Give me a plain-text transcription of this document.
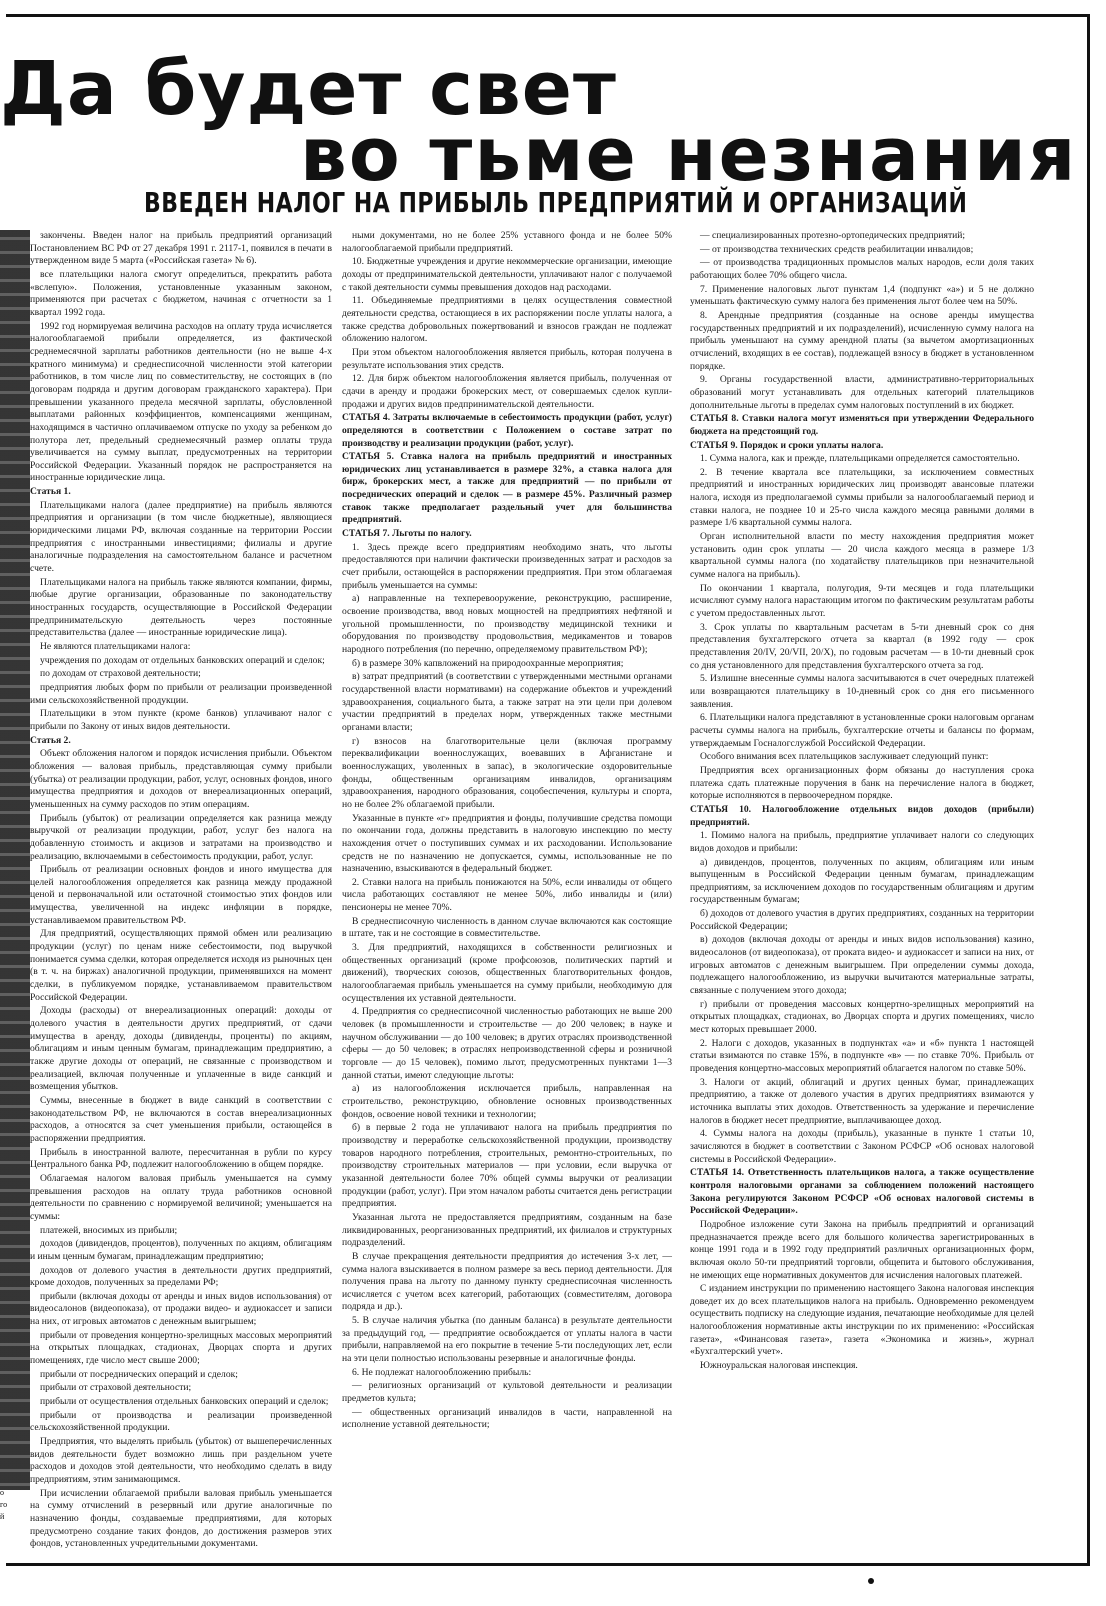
Да будет свет
во тьме незнания
ВВЕДЕН НАЛОГ НА ПРИБЫЛЬ ПРЕДПРИЯТИЙ И ОРГАНИЗАЦИЙ
о
го
й

закончены. Введен налог на прибыль предприятий организаций Постановлением ВС РФ от 27 декабря 1991 г. 2117-1, появился в печати в утвержденном виде 5 марта («Российская газета» № 6).

все плательщики налога смогут определиться, прекратить работа «вслепую». Положения, установленные указанным законом, применяются при расчетах с бюджетом, начиная с отчетности за 1 квартал 1992 года.

1992 год нормируемая величина расходов на оплату труда исчисляется налогооблагаемой прибыли определяется, из фактической среднемесячной зарплаты работников деятельности (но не выше 4-х кратного минимума) и среднесписочной численности этой категории работников, в том числе лиц по совместительству, не состоящих в (по договорам подряда и другим договорам гражданского характера). При превышении указанного предела месячной зарплаты, обусловленной выплатами районных коэффициентов, компенсациями женщинам, находящимся в частично оплачиваемом отпуске по уходу за ребенком до полутора лет, предельный среднемесячный размер оплаты труда увеличивается на сумму выплат, предусмотренных на территории Российской Федерации. Указанный порядок не распространяется на иностранные юридические лица.

Статья 1.

Плательщиками налога (далее предприятие) на прибыль являются предприятия и организации (в том числе бюджетные), являющиеся юридическими лицами РФ, включая созданные на территории России предприятия с иностранными инвестициями; филиалы и другие аналогичные подразделения на самостоятельном балансе и расчетном счете.

Плательщиками налога на прибыль также являются компании, фирмы, любые другие организации, образованные по законодательству иностранных государств, осуществляющие в Российской Федерации предпринимательскую деятельность через постоянные представительства (далее — иностранные юридические лица).

Не являются плательщиками налога:

учреждения по доходам от отдельных банковских операций и сделок;

по доходам от страховой деятельности;

предприятия любых форм по прибыли от реализации произведенной ими сельскохозяйственной продукции.

Плательщики в этом пункте (кроме банков) уплачивают налог с прибыли по Закону от иных видов деятельности.

Статья 2.

Объект обложения налогом и порядок исчисления прибыли. Объектом обложения — валовая прибыль, представляющая сумму прибыли (убытка) от реализации продукции, работ, услуг, основных фондов, иного имущества предприятия и доходов от внереализационных операций, уменьшенных на сумму расходов по этим операциям.

Прибыль (убыток) от реализации определяется как разница между выручкой от реализации продукции, работ, услуг без налога на добавленную стоимость и акцизов и затратами на производство и реализацию, включаемыми в себестоимость продукции, работ, услуг.

Прибыль от реализации основных фондов и иного имущества для целей налогообложения определяется как разница между продажной ценой и первоначальной или остаточной стоимостью этих фондов или имущества, увеличенной на индекс инфляции в порядке, устанавливаемом правительством РФ.

Для предприятий, осуществляющих прямой обмен или реализацию продукции (услуг) по ценам ниже себестоимости, под выручкой понимается сумма сделки, которая определяется исходя из рыночных цен (в т. ч. на биржах) аналогичной продукции, применявшихся на момент сделки, в публикуемом порядке, устанавливаемом правительством Российской Федерации.

Доходы (расходы) от внереализационных операций: доходы от долевого участия в деятельности других предприятий, от сдачи имущества в аренду, доходы (дивиденды, проценты) по акциям, облигациям и иным ценным бумагам, принадлежащим предприятию, а также другие доходы от операций, не связанные с производством и реализацией, включая полученные и уплаченные в виде санкций и возмещения убытков.

Суммы, внесенные в бюджет в виде санкций в соответствии с законодательством РФ, не включаются в состав внереализационных расходов, а относятся за счет уменьшения прибыли, остающейся в распоряжении предприятия.

Прибыль в иностранной валюте, пересчитанная в рубли по курсу Центрального банка РФ, подлежит налогообложению в общем порядке.

Облагаемая налогом валовая прибыль уменьшается на сумму превышения расходов на оплату труда работников основной деятельности по сравнению с нормируемой величиной; уменьшается на суммы:

платежей, вносимых из прибыли;

доходов (дивидендов, процентов), полученных по акциям, облигациям и иным ценным бумагам, принадлежащим предприятию;

доходов от долевого участия в деятельности других предприятий, кроме доходов, полученных за пределами РФ;

прибыли (включая доходы от аренды и иных видов использования) от видеосалонов (видеопоказа), от продажи видео- и аудиокассет и записи на них, от игровых автоматов с денежным выигрышем;

прибыли от проведения концертно-зрелищных массовых мероприятий на открытых площадках, стадионах, Дворцах спорта и других помещениях, где число мест свыше 2000;

прибыли от посреднических операций и сделок;

прибыли от страховой деятельности;

прибыли от осуществления отдельных банковских операций и сделок;

прибыли от производства и реализации произведенной сельскохозяйственной продукции.

Предприятия, что выделять прибыль (убыток) от вышеперечисленных видов деятельности будет возможно лишь при раздельном учете расходов и доходов этой деятельности, что необходимо сделать в виду предприятиям, этим занимающимся.

При исчислении облагаемой прибыли валовая прибыль уменьшается на сумму отчислений в резервный или другие аналогичные по назначению фонды, создаваемые предприятиями, для которых предусмотрено создание таких фондов, до достижения размеров этих фондов, установленных учредительными документами.

ными документами, но не более 25% уставного фонда и не более 50% налогооблагаемой прибыли предприятий.

10. Бюджетные учреждения и другие некоммерческие организации, имеющие доходы от предпринимательской деятельности, уплачивают налог с получаемой с такой деятельности суммы превышения доходов над расходами.

11. Объединяемые предприятиями в целях осуществления совместной деятельности средства, остающиеся в их распоряжении после уплаты налога, а также средства добровольных пожертвований и взносов граждан не подлежат обложению налогом.

При этом объектом налогообложения является прибыль, которая получена в результате использования этих средств.

12. Для бирж объектом налогообложения является прибыль, полученная от сдачи в аренду и продажи брокерских мест, от совершаемых сделок купли-продажи и других видов предпринимательской деятельности.

СТАТЬЯ 4. Затраты включаемые в себестоимость продукции (работ, услуг) определяются в соответствии с Положением о составе затрат по производству и реализации продукции (работ, услуг).

СТАТЬЯ 5. Ставка налога на прибыль предприятий и иностранных юридических лиц устанавливается в размере 32%, а ставка налога для бирж, брокерских мест, а также для предприятий — по прибыли от посреднических операций и сделок — в размере 45%. Различный размер ставок также предполагает раздельный учет для большинства предприятий.

СТАТЬЯ 7. Льготы по налогу.

1. Здесь прежде всего предприятиям необходимо знать, что льготы предоставляются при наличии фактически произведенных затрат и расходов за счет прибыли, остающейся в распоряжении предприятия. При этом облагаемая прибыль уменьшается на суммы:

а) направленные на техперевооружение, реконструкцию, расширение, освоение производства, ввод новых мощностей на предприятиях нефтяной и угольной промышленности, по производству медицинской техники и оборудования по производству продовольствия, медикаментов и товаров народного потребления (по перечню, определяемому правительством РФ);

б) в размере 30% капвложений на природоохранные мероприятия;

в) затрат предприятий (в соответствии с утвержденными местными органами государственной власти нормативами) на содержание объектов и учреждений здравоохранения, социального быта, а также затрат на эти цели при долевом участии предприятий в пределах норм, утвержденных также местными органами власти;

г) взносов на благотворительные цели (включая программу переквалификации военнослужащих, воевавших в Афганистане и военнослужащих, уволенных в запас), в экологические оздоровительные фонды, общественным организациям инвалидов, организациям здравоохранения, народного образования, соцобеспечения, культуры и спорта, но не более 2% облагаемой прибыли.

Указанные в пункте «г» предприятия и фонды, получившие средства помощи по окончании года, должны представить в налоговую инспекцию по месту нахождения отчет о поступивших суммах и их расходовании. Использование средств не по назначению не допускается, суммы, использованные не по назначению, взыскиваются в федеральный бюджет.

2. Ставки налога на прибыль понижаются на 50%, если инвалиды от общего числа работающих составляют не менее 50%, либо инвалиды и (или) пенсионеры не менее 70%.

В среднесписочную численность в данном случае включаются как состоящие в штате, так и не состоящие в совместительстве.

3. Для предприятий, находящихся в собственности религиозных и общественных организаций (кроме профсоюзов, политических партий и движений), творческих союзов, общественных благотворительных фондов, налогооблагаемая прибыль уменьшается на сумму прибыли, необходимую для осуществления их уставной деятельности.

4. Предприятия со среднесписочной численностью работающих не выше 200 человек (в промышленности и строительстве — до 200 человек; в науке и научном обслуживании — до 100 человек; в других отраслях производственной сферы — до 50 человек; в отраслях непроизводственной сферы и розничной торговле — до 15 человек), помимо льгот, предусмотренных пунктами 1—3 данной статьи, имеют следующие льготы:

а) из налогообложения исключается прибыль, направленная на строительство, реконструкцию, обновление основных производственных фондов, освоение новой техники и технологии;

б) в первые 2 года не уплачивают налога на прибыль предприятия по производству и переработке сельскохозяйственной продукции, производству товаров народного потребления, строительных, ремонтно-строительных, по производству строительных материалов — при условии, если выручка от указанной деятельности более 70% общей суммы выручки от реализации продукции (работ, услуг). При этом началом работы считается день регистрации предприятия.

Указанная льгота не предоставляется предприятиям, созданным на базе ликвидированных, реорганизованных предприятий, их филиалов и структурных подразделений.

В случае прекращения деятельности предприятия до истечения 3-х лет, — сумма налога взыскивается в полном размере за весь период деятельности. Для получения права на льготу по данному пункту среднесписочная численность исчисляется с учетом всех категорий, работающих (совместителям, договора подряда и др.).

5. В случае наличия убытка (по данным баланса) в результате деятельности за предыдущий год, — предприятие освобождается от уплаты налога в части прибыли, направляемой на его покрытие в течение 5-ти последующих лет, если на эти цели полностью использованы резервные и аналогичные фонды.

6. Не подлежат налогообложению прибыль:

— религиозных организаций от культовой деятельности и реализации предметов культа;

— общественных организаций инвалидов в части, направленной на исполнение уставной деятельности;

— специализированных протезно-ортопедических предприятий;

— от производства технических средств реабилитации инвалидов;

— от производства традиционных промыслов малых народов, если доля таких работающих более 70% общего числа.

7. Применение налоговых льгот пунктам 1,4 (подпункт «а») и 5 не должно уменьшать фактическую сумму налога без применения льгот более чем на 50%.

8. Арендные предприятия (созданные на основе аренды имущества государственных предприятий и их подразделений), исчисленную сумму налога на прибыль уменьшают на сумму арендной платы (за вычетом амортизационных отчислений, входящих в ее состав), подлежащей взносу в бюджет в установленном порядке.

9. Органы государственной власти, административно-территориальных образований могут устанавливать для отдельных категорий плательщиков дополнительные льготы в пределах сумм налоговых поступлений в их бюджет.

СТАТЬЯ 8. Ставки налога могут изменяться при утверждении Федерального бюджета на предстоящий год.

СТАТЬЯ 9. Порядок и сроки уплаты налога.

1. Сумма налога, как и прежде, плательщиками определяется самостоятельно.

2. В течение квартала все плательщики, за исключением совместных предприятий и иностранных юридических лиц производят авансовые платежи налога, исходя из предполагаемой суммы прибыли за налогооблагаемый период и ставки налога, не позднее 10 и 25-го числа каждого месяца равными долями в размере 1/6 квартальной суммы налога.

Орган исполнительной власти по месту нахождения предприятия может установить один срок уплаты — 20 числа каждого месяца в размере 1/3 квартальной суммы налога (по ходатайству плательщиков при незначительной сумме налога на прибыль).

По окончании 1 квартала, полугодия, 9-ти месяцев и года плательщики исчисляют сумму налога нарастающим итогом по фактическим результатам работы с учетом предоставленных льгот.

3. Срок уплаты по квартальным расчетам в 5-ти дневный срок со дня представления бухгалтерского отчета за квартал (в 1992 году — срок представления 20/IV, 20/VII, 20/X), по годовым расчетам — в 10-ти дневный срок со дня установленного для представления бухгалтерского отчета за год.

5. Излишне внесенные суммы налога засчитываются в счет очередных платежей или возвращаются плательщику в 10-дневный срок со дня его письменного заявления.

6. Плательщики налога представляют в установленные сроки налоговым органам расчеты суммы налога на прибыль, бухгалтерские отчеты и балансы по формам, утверждаемым Госналогслужбой Российской Федерации.

Особого внимания всех плательщиков заслуживает следующий пункт:

Предприятия всех организационных форм обязаны до наступления срока платежа сдать платежные поручения в банк на перечисление налога в бюджет, которые исполняются в первоочередном порядке.

СТАТЬЯ 10. Налогообложение отдельных видов доходов (прибыли) предприятий.

1. Помимо налога на прибыль, предприятие уплачивает налоги со следующих видов доходов и прибыли:

а) дивидендов, процентов, полученных по акциям, облигациям или иным выпущенным в Российской Федерации ценным бумагам, принадлежащим предприятиям, за исключением доходов по государственным облигациям и другим государственным бумагам;

б) доходов от долевого участия в других предприятиях, созданных на территории Российской Федерации;

в) доходов (включая доходы от аренды и иных видов использования) казино, видеосалонов (от видеопоказа), от проката видео- и аудиокассет и записи на них, от игровых автоматов с денежным выигрышем. При определении суммы дохода, подлежащего налогообложению, из выручки вычитаются материальные затраты, связанные с получением этого дохода;

г) прибыли от проведения массовых концертно-зрелищных мероприятий на открытых площадках, стадионах, во Дворцах спорта и других помещениях, число мест которых превышает 2000.

2. Налоги с доходов, указанных в подпунктах «а» и «б» пункта 1 настоящей статьи взимаются по ставке 15%, в подпункте «в» — по ставке 70%. Прибыль от проведения концертно-массовых мероприятий облагается налогом по ставке 50%.

3. Налоги от акций, облигаций и других ценных бумаг, принадлежащих предприятию, а также от долевого участия в других предприятиях взимаются у источника выплаты этих доходов. Ответственность за удержание и перечисление налогов в бюджет несет предприятие, выплачивающее доход.

4. Суммы налога на доходы (прибыль), указанные в пункте 1 статьи 10, зачисляются в бюджет в соответствии с Законом РСФСР «Об основах налоговой системы в Российской Федерации».

СТАТЬЯ 14. Ответственность плательщиков налога, а также осуществление контроля налоговыми органами за соблюдением положений настоящего Закона регулируются Законом РСФСР «Об основах налоговой системы в Российской Федерации».

Подробное изложение сути Закона на прибыль предприятий и организаций предназначается прежде всего для большого количества зарегистрированных в конце 1991 года и в 1992 году предприятий различных организационных форм, включая около 50-ти предприятий торговли, общепита и бытового обслуживания, не имеющих еще нормативных документов для исчисления налоговых платежей.

С изданием инструкции по применению настоящего Закона налоговая инспекция доведет их до всех плательщиков налога на прибыль. Одновременно рекомендуем осуществить подписку на следующие издания, печатающие необходимые для целей налогообложения нормативные акты инструкции по их применению: «Российская газета», «Финансовая газета», газета «Экономика и жизнь», журнал «Бухгалтерский учет».

Южноуральская налоговая инспекция.
